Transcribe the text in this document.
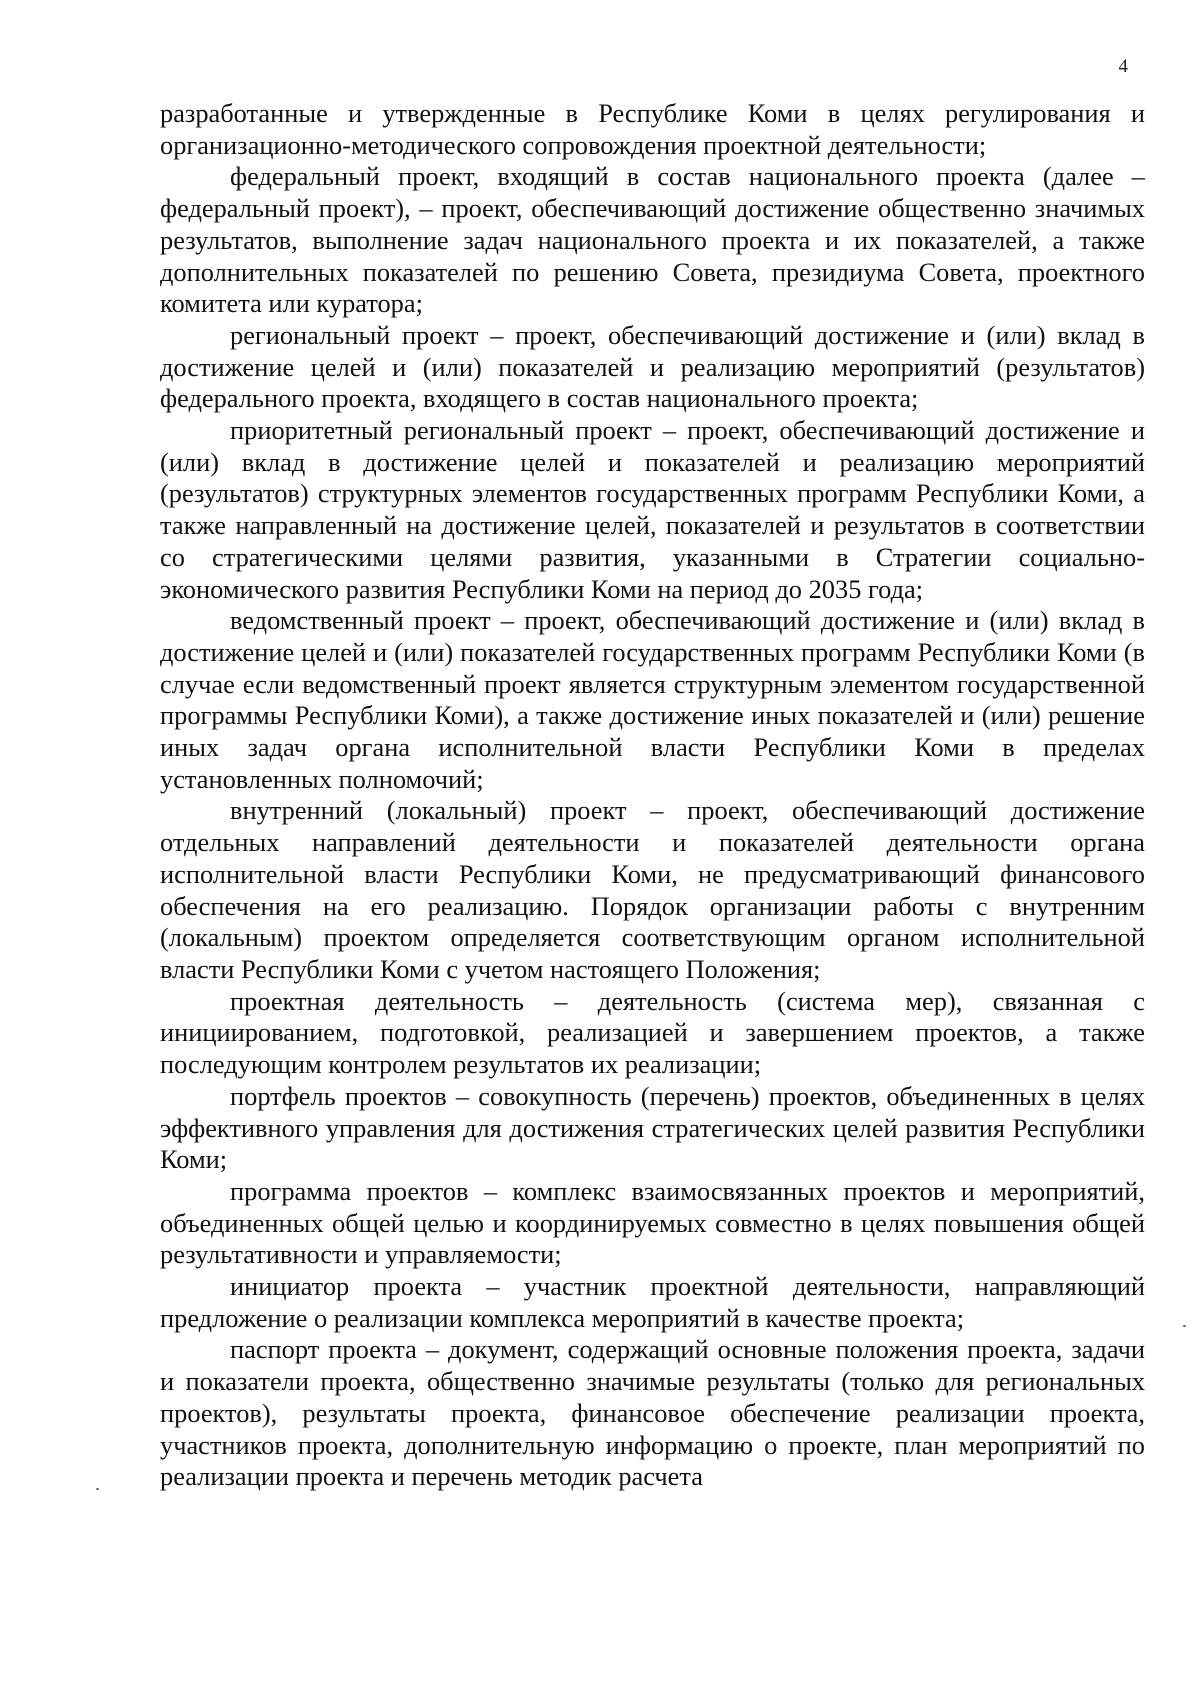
4

разработанные и утвержденные в Республике Коми в целях регулирования и организационно-методического сопровождения проектной деятельности;

федеральный проект, входящий в состав национального проекта (далее – федеральный проект), – проект, обеспечивающий достижение общественно значимых результатов, выполнение задач национального проекта и их показателей, а также дополнительных показателей по решению Совета, президиума Совета, проектного комитета или куратора;

региональный проект – проект, обеспечивающий достижение и (или) вклад в достижение целей и (или) показателей и реализацию мероприятий (результатов) федерального проекта, входящего в состав национального проекта;

приоритетный региональный проект – проект, обеспечивающий достижение и (или) вклад в достижение целей и показателей и реализацию мероприятий (результатов) структурных элементов государственных программ Республики Коми, а также направленный на достижение целей, показателей и результатов в соответствии со стратегическими целями развития, указанными в Стратегии социально-экономического развития Республики Коми на период до 2035 года;

ведомственный проект – проект, обеспечивающий достижение и (или) вклад в достижение целей и (или) показателей государственных программ Республики Коми (в случае если ведомственный проект является структурным элементом государственной программы Республики Коми), а также достижение иных показателей и (или) решение иных задач органа исполнительной власти Республики Коми в пределах установленных полномочий;

внутренний (локальный) проект – проект, обеспечивающий достижение отдельных направлений деятельности и показателей деятельности органа исполнительной власти Республики Коми, не предусматривающий финансового обеспечения на его реализацию. Порядок организации работы с внутренним (локальным) проектом определяется соответствующим органом исполнительной власти Республики Коми с учетом настоящего Положения;

проектная деятельность – деятельность (система мер), связанная с инициированием, подготовкой, реализацией и завершением проектов, а также последующим контролем результатов их реализации;

портфель проектов – совокупность (перечень) проектов, объединенных в целях эффективного управления для достижения стратегических целей развития Республики Коми;

программа проектов – комплекс взаимосвязанных проектов и мероприятий, объединенных общей целью и координируемых совместно в целях повышения общей результативности и управляемости;

инициатор проекта – участник проектной деятельности, направляющий предложение о реализации комплекса мероприятий в качестве проекта;

паспорт проекта – документ, содержащий основные положения проекта, задачи и показатели проекта, общественно значимые результаты (только для региональных проектов), результаты проекта, финансовое обеспечение реализации проекта, участников проекта, дополнительную информацию о проекте, план мероприятий по реализации проекта и перечень методик расчета
